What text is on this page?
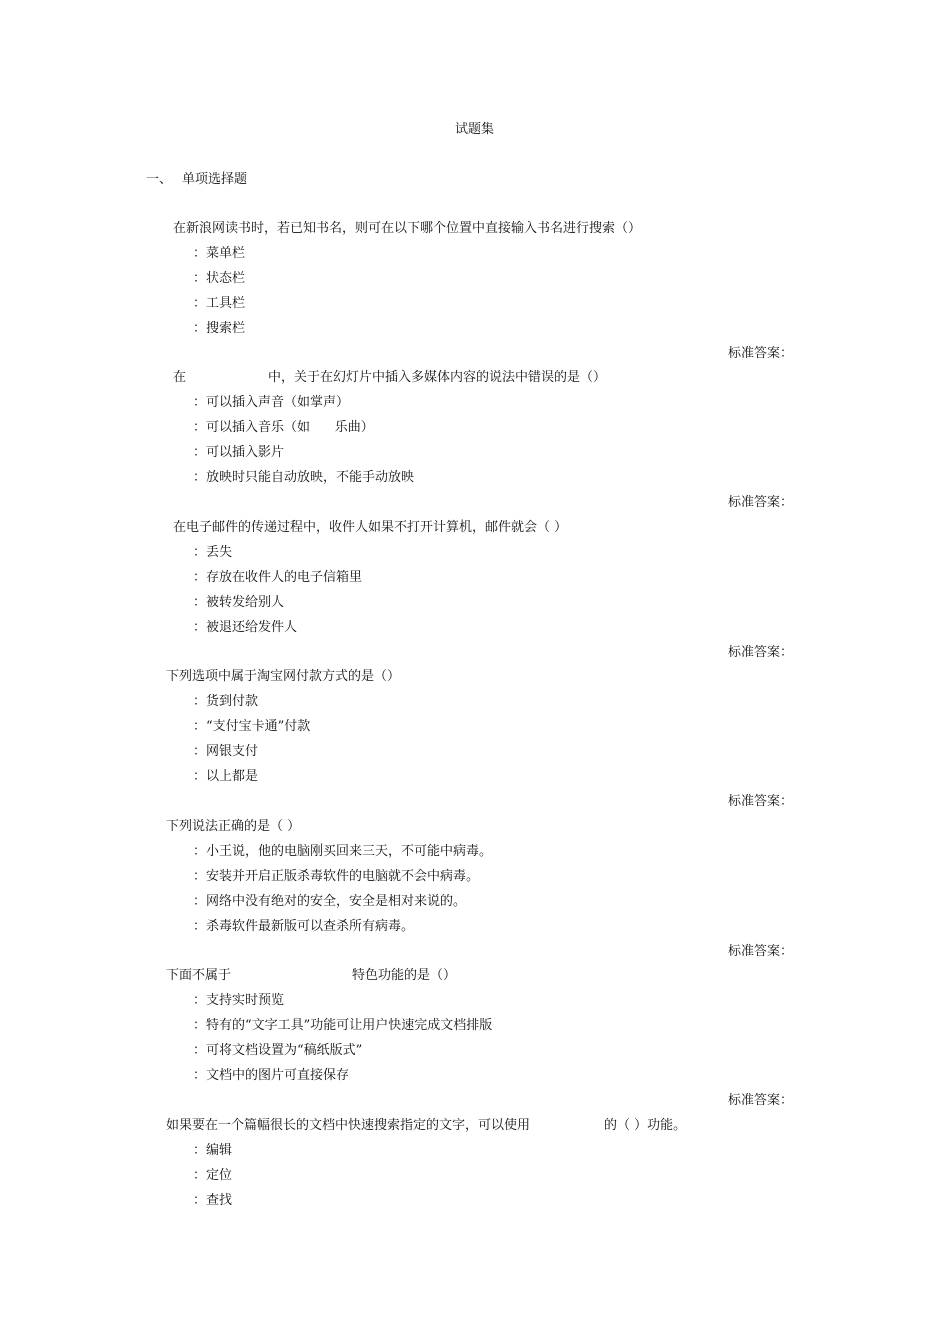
试题集
一、 单项选择题
在新浪网读书时，若已知书名，则可在以下哪个位置中直接输入书名进行搜索（）
：菜单栏
：状态栏
：工具栏
：搜索栏
标准答案：
在	中，关于在幻灯片中插入多媒体内容的说法中错误的是（）
：可以插入声音（如掌声）
：可以插入音乐（如      乐曲）
：可以插入影片
：放映时只能自动放映，不能手动放映
标准答案：
在电子邮件的传递过程中，收件人如果不打开计算机，邮件就会（ ）
：丢失
：存放在收件人的电子信箱里
：被转发给别人
：被退还给发件人
标准答案：
下列选项中属于淘宝网付款方式的是（）
：货到付款
：“支付宝卡通”付款
：网银支付
：以上都是
标准答案：
下列说法正确的是（ ）
：小王说，他的电脑刚买回来三天，不可能中病毒。
：安装并开启正版杀毒软件的电脑就不会中病毒。
：网络中没有绝对的安全，安全是相对来说的。
：杀毒软件最新版可以查杀所有病毒。
标准答案：
下面不属于	特色功能的是（）
：支持实时预览
：特有的“文字工具”功能可让用户快速完成文档排版
：可将文档设置为“稿纸版式”
：文档中的图片可直接保存
标准答案：
如果要在一个篇幅很长的文档中快速搜索指定的文字，可以使用	的（ ）功能。
：编辑
：定位
：查找
